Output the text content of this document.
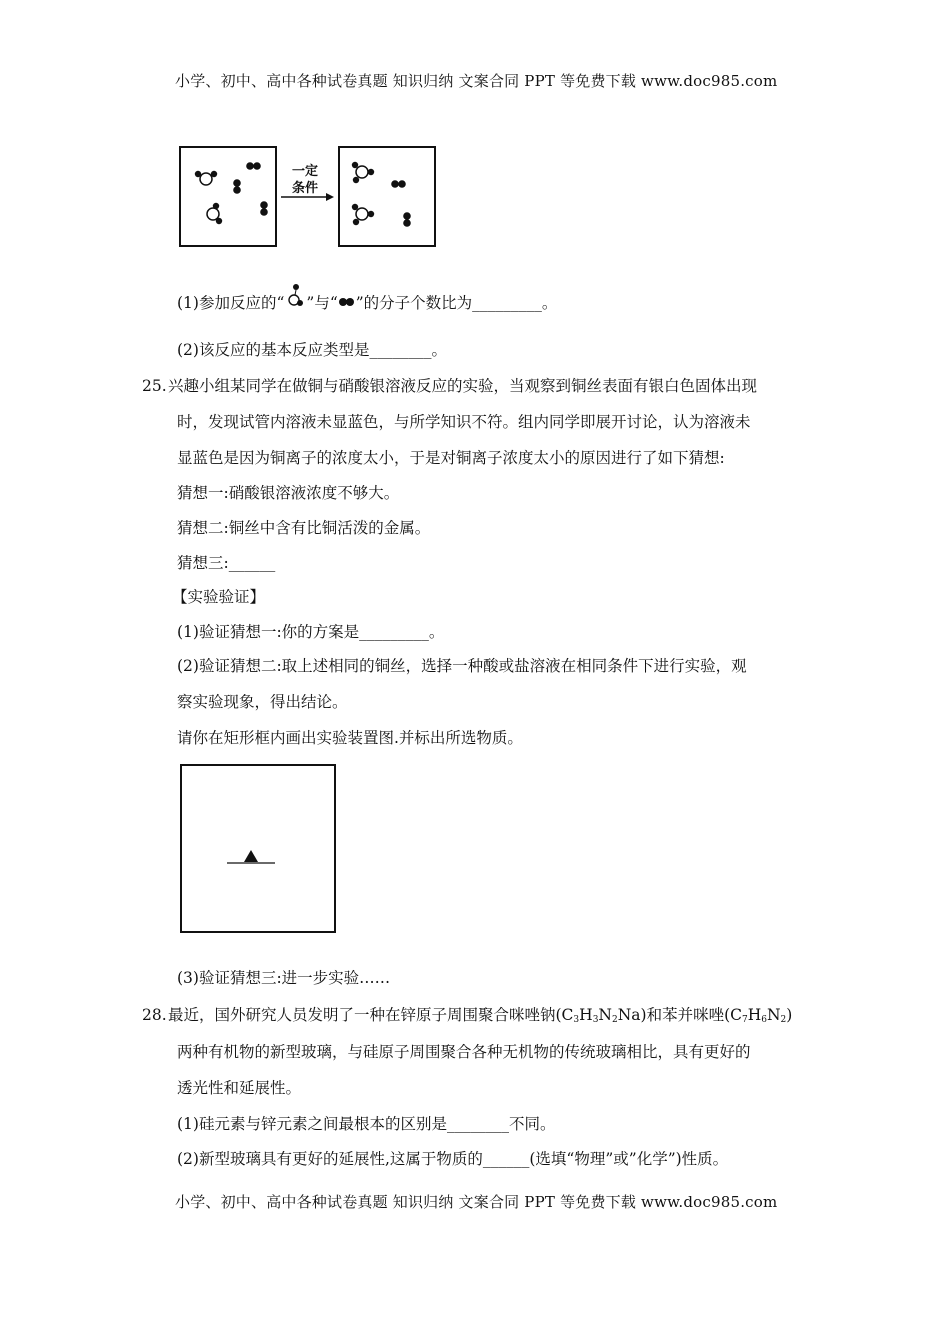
小学、初中、高中各种试卷真题 知识归纳 文案合同 PPT 等免费下载 www.doc985.com
一定
条件
(1)参加反应的“ ”与“ ”的分子个数比为_________。
(2)该反应的基本反应类型是________。
25. 兴趣小组某同学在做铜与硝酸银溶液反应的实验，当观察到铜丝表面有银白色固体出现
时，发现试管内溶液未显蓝色，与所学知识不符。组内同学即展开讨论，认为溶液未
显蓝色是因为铜离子的浓度太小，于是对铜离子浓度太小的原因进行了如下猜想:
猜想一:硝酸银溶液浓度不够大。
猜想二:铜丝中含有比铜活泼的金属。
猜想三:______
【实验验证】
(1)验证猜想一:你的方案是_________。
(2)验证猜想二:取上述相同的铜丝，选择一种酸或盐溶液在相同条件下进行实验，观
察实验现象，得出结论。
请你在矩形框内画出实验装置图.并标出所选物质。
(3)验证猜想三:进一步实验……
28. 最近，国外研究人员发明了一种在锌原子周围聚合咪唑钠$(C_3H_3N_2Na)$和苯并咪唑$(C_7H_6N_2)$
两种有机物的新型玻璃，与硅原子周围聚合各种无机物的传统玻璃相比，具有更好的
透光性和延展性。
(1)硅元素与锌元素之间最根本的区别是________不同。
(2)新型玻璃具有更好的延展性,这属于物质的______(选填“物理”或”化学”)性质。
小学、初中、高中各种试卷真题 知识归纳 文案合同 PPT 等免费下载 www.doc985.com
